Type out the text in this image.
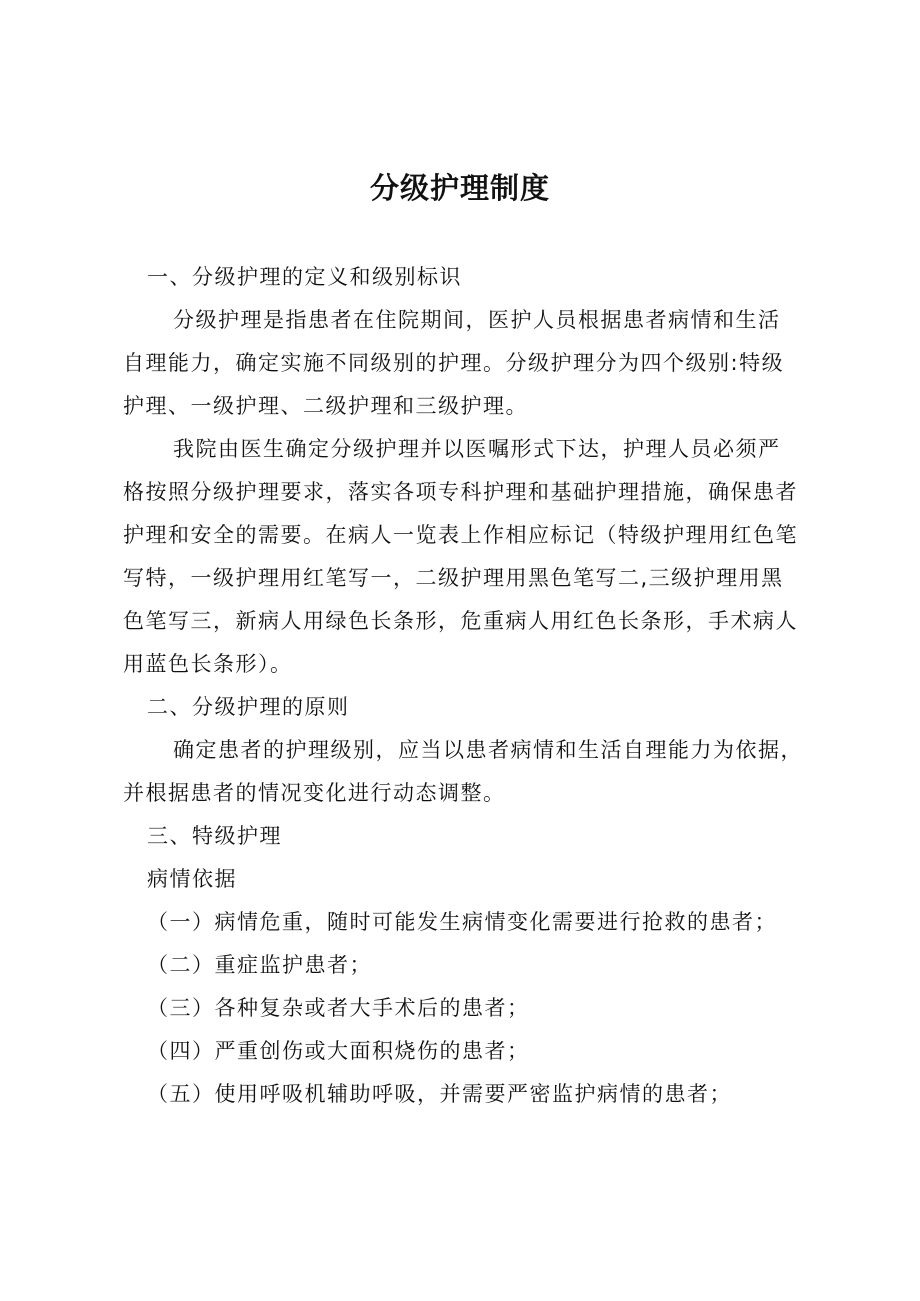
分级护理制度

一、分级护理的定义和级别标识

分级护理是指患者在住院期间，医护人员根据患者病情和生活

自理能力，确定实施不同级别的护理。分级护理分为四个级别:特级

护理、一级护理、二级护理和三级护理。

我院由医生确定分级护理并以医嘱形式下达，护理人员必须严

格按照分级护理要求，落实各项专科护理和基础护理措施，确保患者

护理和安全的需要。在病人一览表上作相应标记（特级护理用红色笔

写特，一级护理用红笔写一，二级护理用黑色笔写二,三级护理用黑

色笔写三，新病人用绿色长条形，危重病人用红色长条形，手术病人

用蓝色长条形）。

二、分级护理的原则

确定患者的护理级别，应当以患者病情和生活自理能力为依据，

并根据患者的情况变化进行动态调整。

三、特级护理

病情依据

（一）病情危重，随时可能发生病情变化需要进行抢救的患者；

（二）重症监护患者；

（三）各种复杂或者大手术后的患者；

（四）严重创伤或大面积烧伤的患者；

（五）使用呼吸机辅助呼吸，并需要严密监护病情的患者；
